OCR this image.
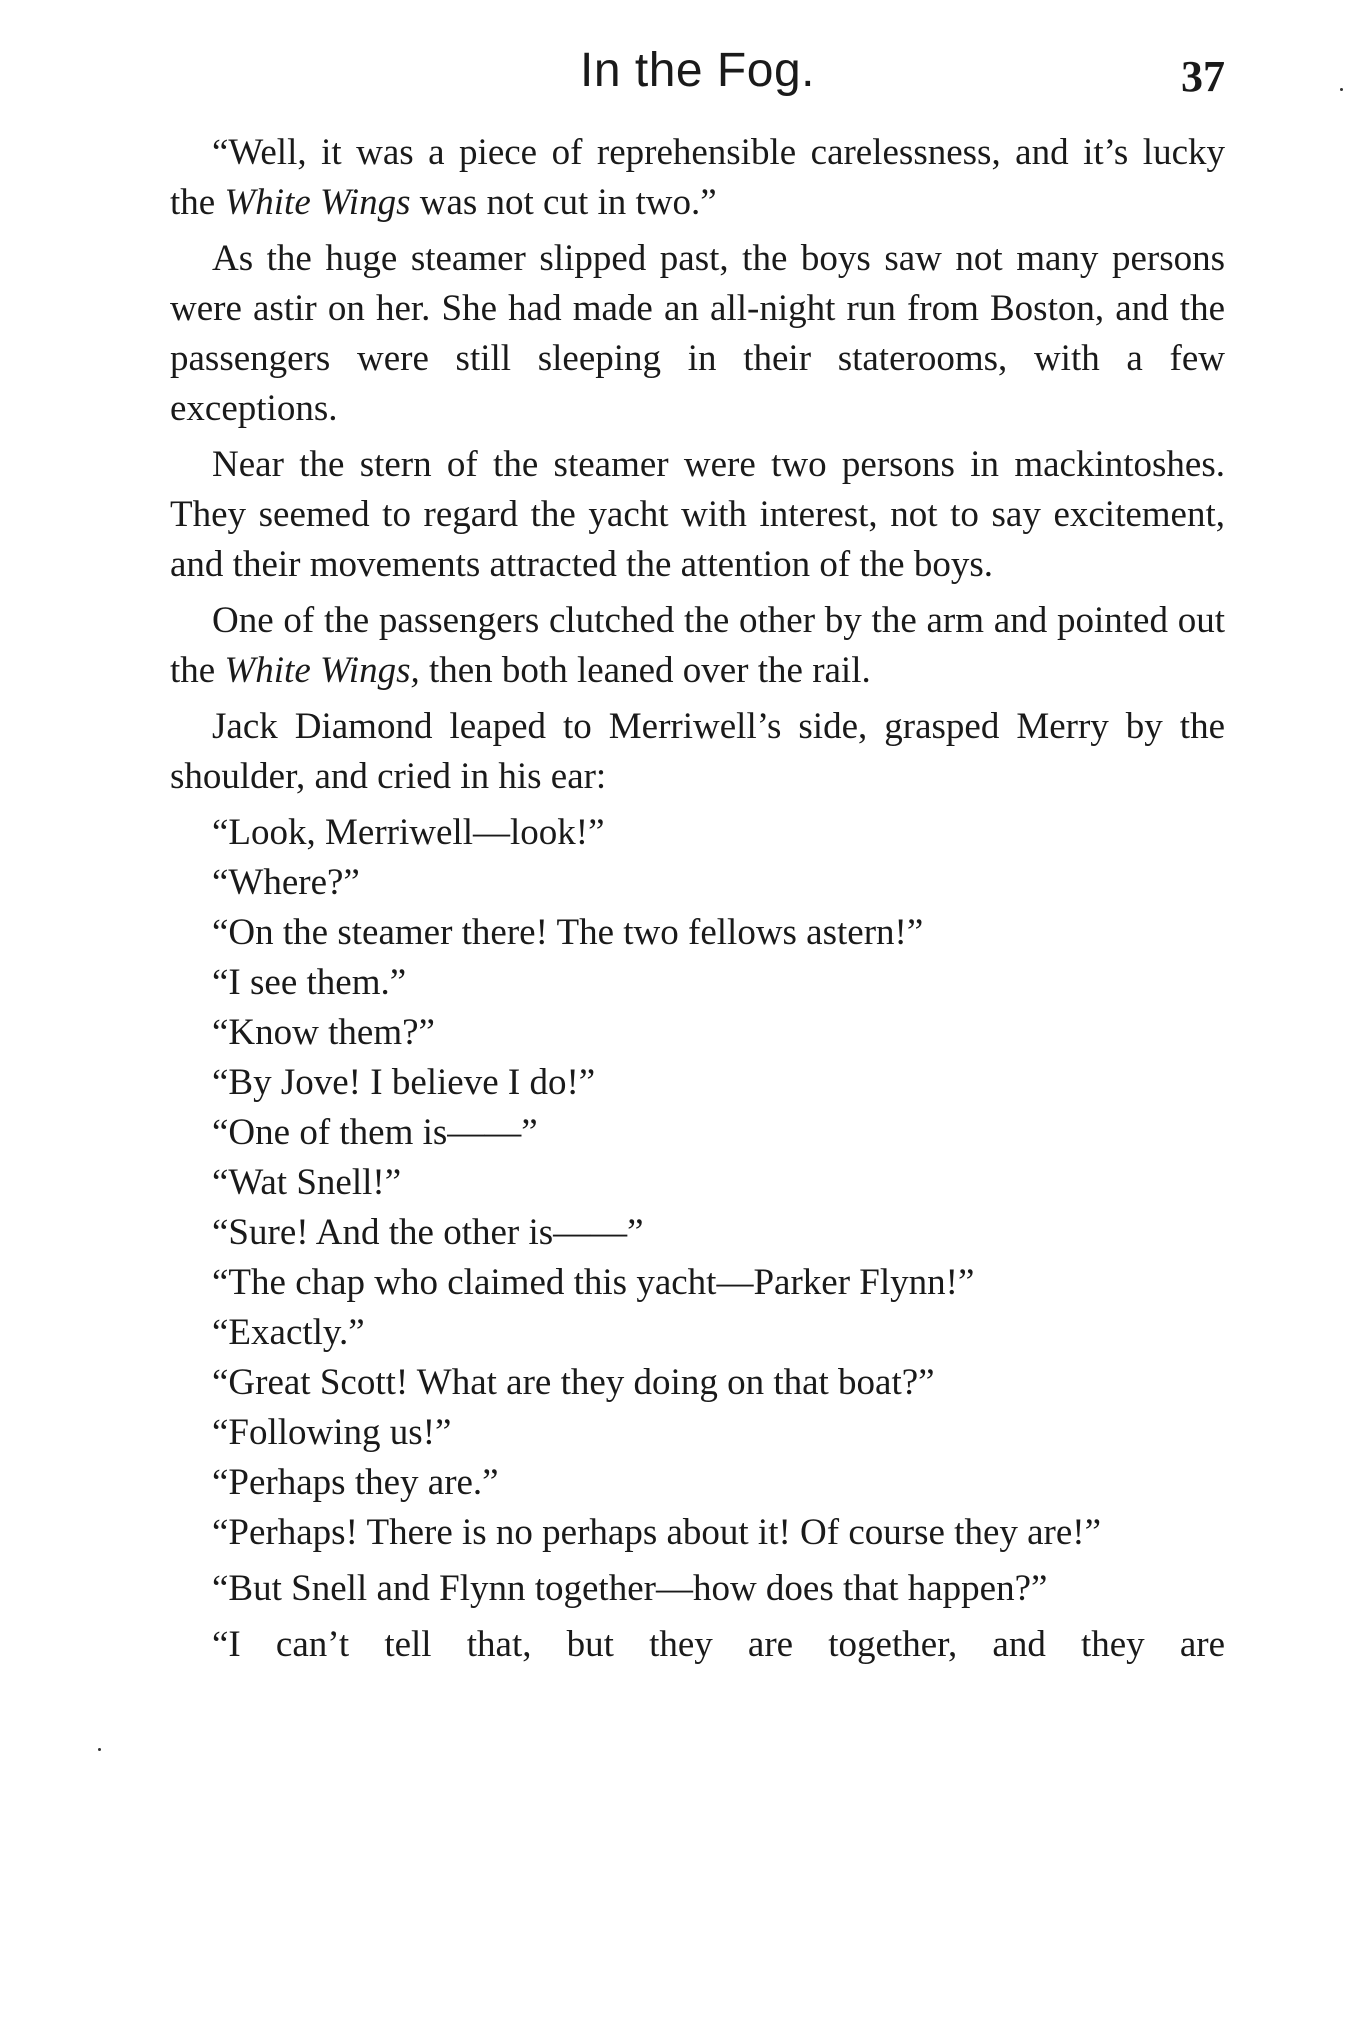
In the Fog.	37

“Well, it was a piece of reprehensible carelessness, and it’s lucky the White Wings was not cut in two.”

As the huge steamer slipped past, the boys saw not many persons were astir on her. She had made an all-night run from Boston, and the passengers were still sleeping in their staterooms, with a few exceptions.

Near the stern of the steamer were two persons in mackintoshes. They seemed to regard the yacht with interest, not to say excitement, and their movements attracted the attention of the boys.

One of the passengers clutched the other by the arm and pointed out the White Wings, then both leaned over the rail.

Jack Diamond leaped to Merriwell’s side, grasped Merry by the shoulder, and cried in his ear:

“Look, Merriwell—look!”

“Where?”

“On the steamer there! The two fellows astern!”

“I see them.”

“Know them?”

“By Jove! I believe I do!”

“One of them is——”

“Wat Snell!”

“Sure! And the other is——”

“The chap who claimed this yacht—Parker Flynn!”

“Exactly.”

“Great Scott! What are they doing on that boat?”

“Following us!”

“Perhaps they are.”

“Perhaps! There is no perhaps about it! Of course they are!”

“But Snell and Flynn together—how does that happen?”

“I can’t tell that, but they are together, and they are
